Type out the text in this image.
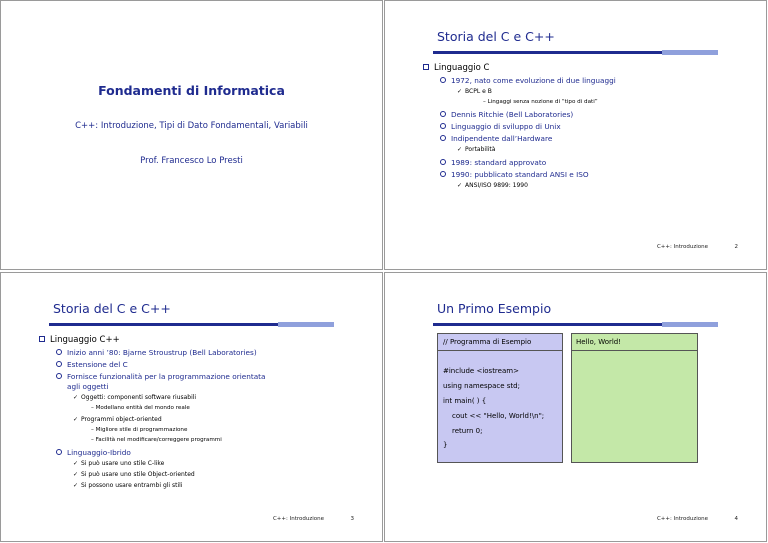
Fondamenti di Informatica
C++: Introduzione, Tipi di Dato Fondamentali, Variabili
Prof. Francesco Lo Presti
Storia del C e C++
Linguaggio C
1972, nato come evoluzione di due linguaggi
✓ BCPL e B
– Lingaggi senza nozione di “tipo di dati”
Dennis Ritchie (Bell Laboratories)
Linguaggio di sviluppo di Unix
Indipendente dall’Hardware
✓ Portabilità
1989: standard approvato
1990: pubblicato standard ANSI e ISO
✓ ANSI/ISO 9899: 1990
C++: Introduzione	2
Storia del C e C++
Linguaggio C++
Inizio anni ’80: Bjarne Stroustrup (Bell Laboratories)
Estensione del C
Fornisce funzionalità per la programmazione orientata
agli oggetti
✓ Oggetti: componenti software riusabili
– Modellano entità del mondo reale
✓ Programmi object-oriented
– Migliore stile di programmazione
– Facilità nel modificare/correggere programmi
Linguaggio-Ibrido
✓ Si può usare uno stile C-like
✓ Si può usare uno stile Object-oriented
✓ Si possono usare entrambi gli stili
C++: Introduzione	3
Un Primo Esempio
// Programma di Esempio
#include <iostream>
using namespace std;
int main( ) {
cout << "Hello, World!\n";
return 0;
}
Hello, World!
C++: Introduzione	4
